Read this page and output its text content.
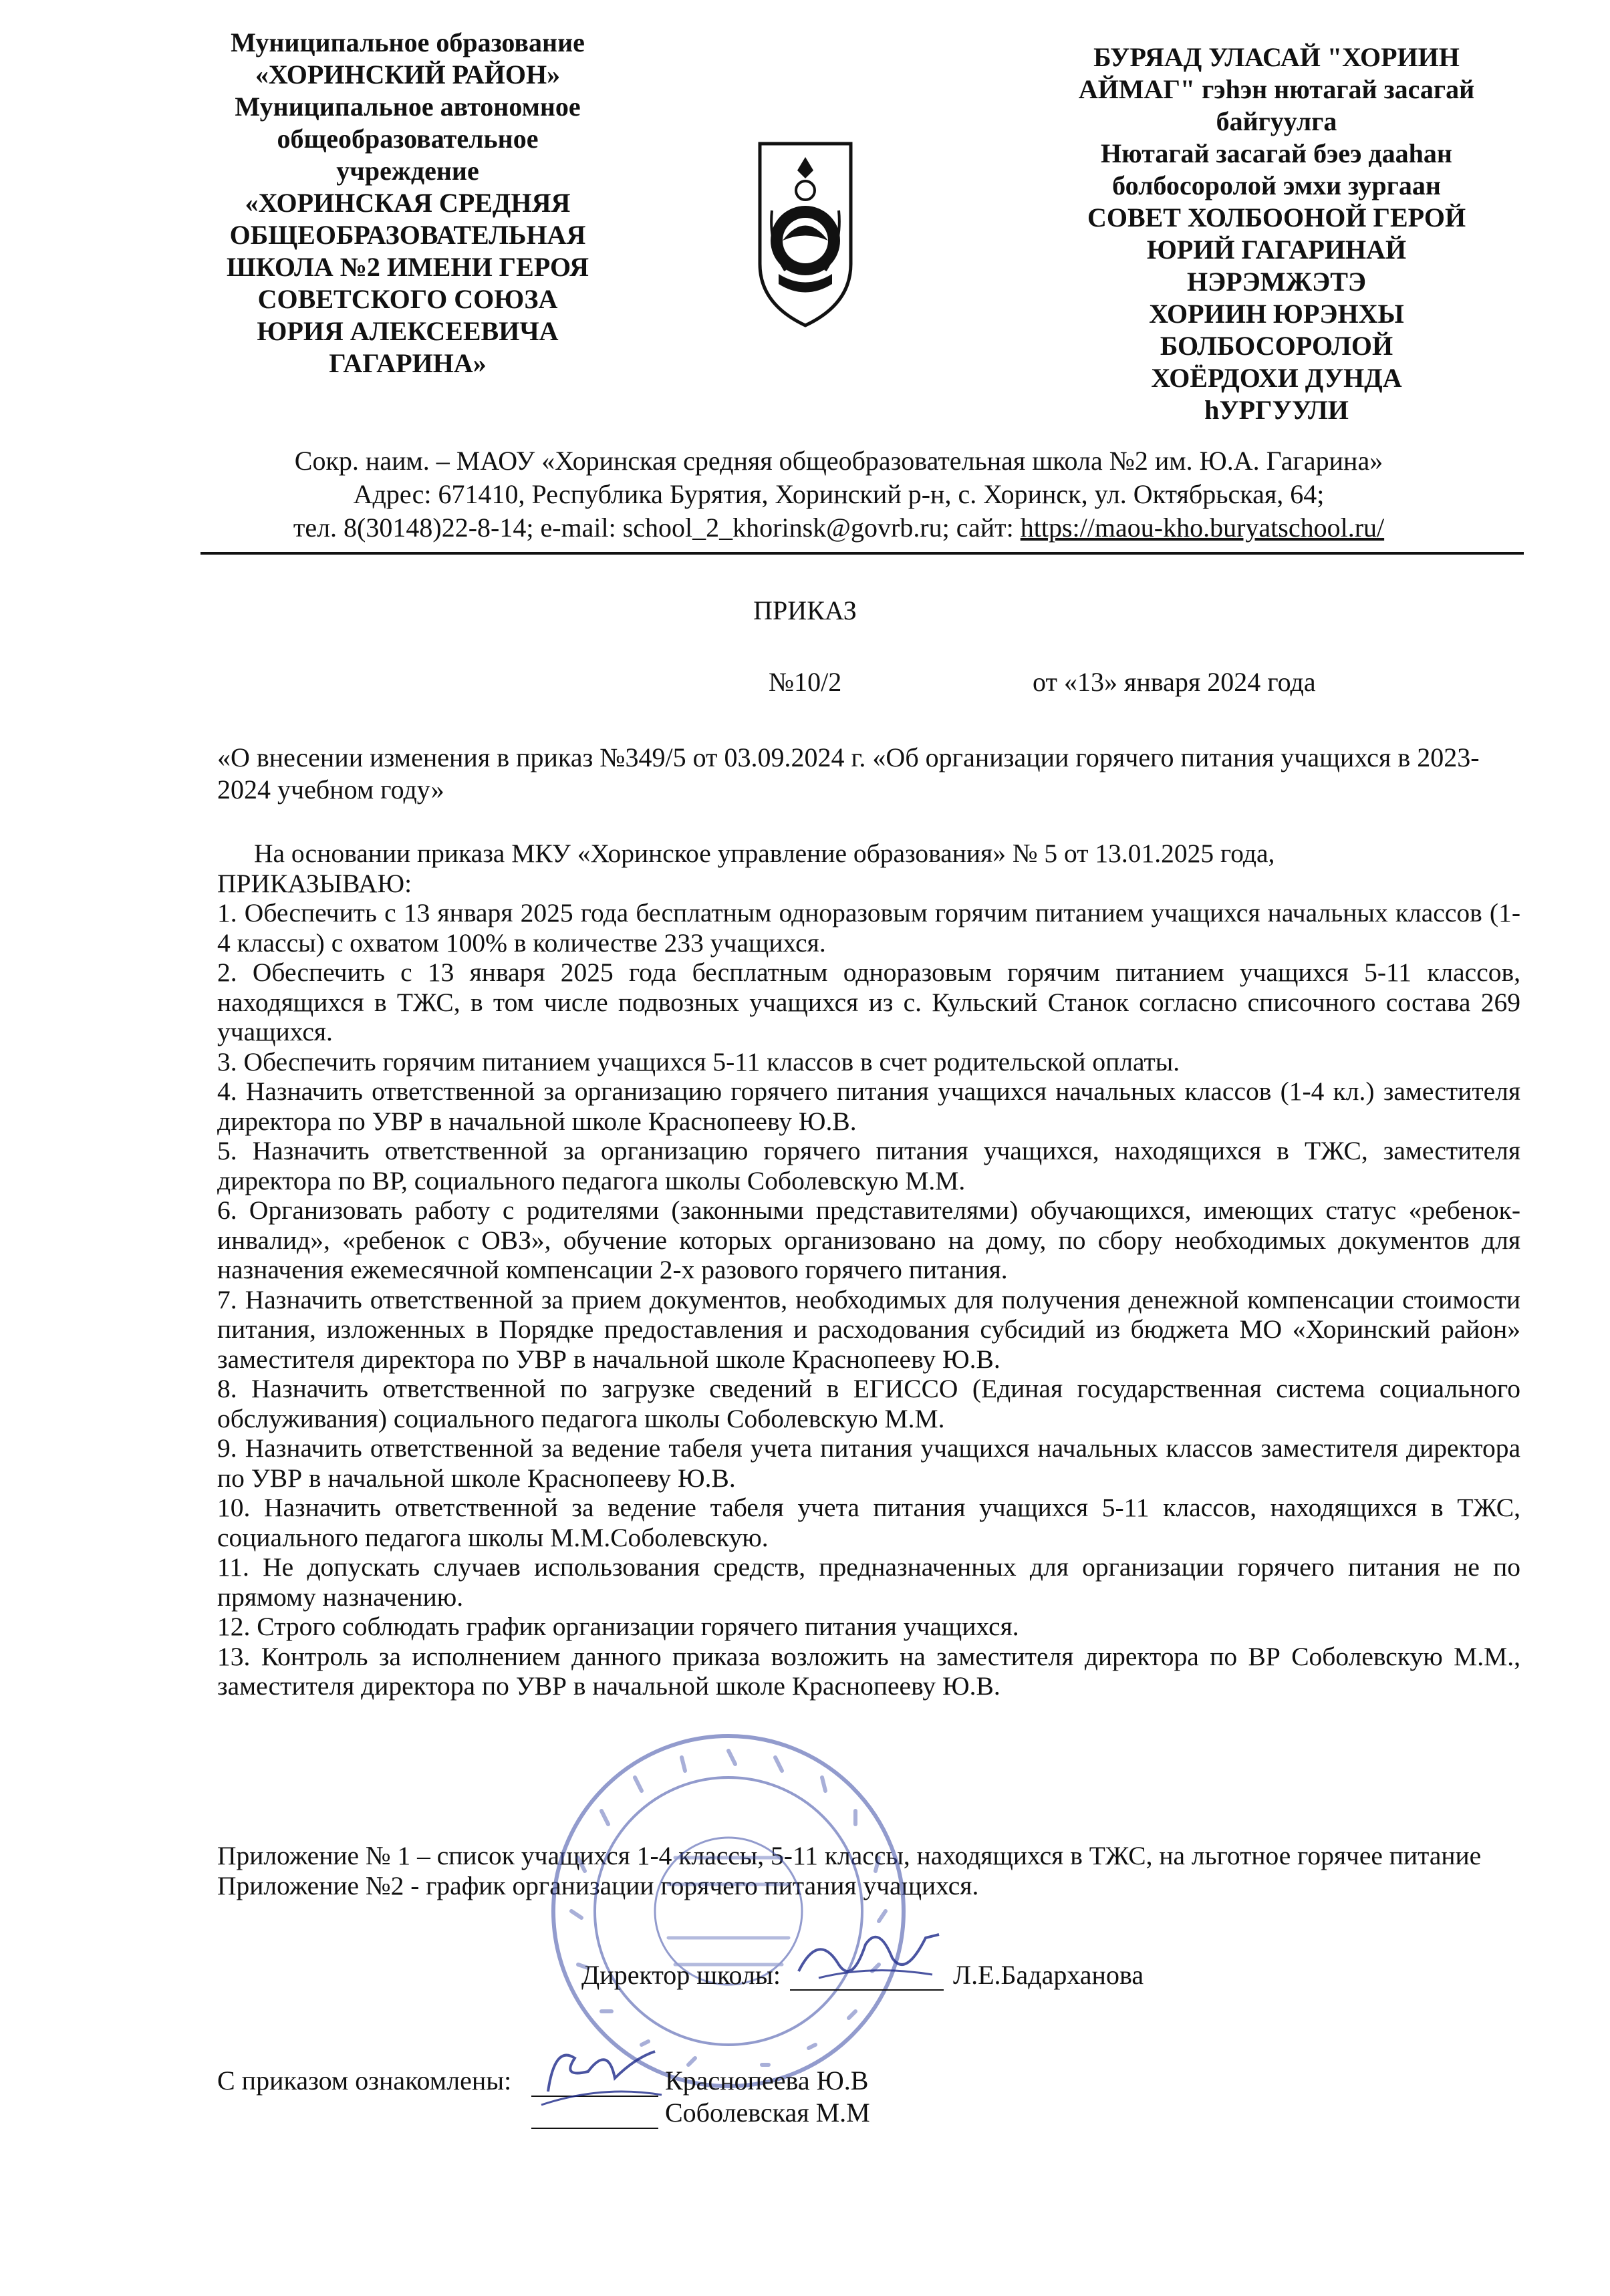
Муниципальное образование
«ХОРИНСКИЙ РАЙОН»
Муниципальное автономное
общеобразовательное
учреждение
«ХОРИНСКАЯ СРЕДНЯЯ
ОБЩЕОБРАЗОВАТЕЛЬНАЯ
ШКОЛА №2 ИМЕНИ ГЕРОЯ
СОВЕТСКОГО СОЮЗА
ЮРИЯ АЛЕКСЕЕВИЧА
ГАГАРИНА»
БУРЯАД УЛАСАЙ "ХОРИИН
АЙМАГ" гэһэн нютагай засагай
байгуулга
Нютагай засагай бэеэ дааһан
болбосоролой эмхи зургаан
СОВЕТ ХОЛБООНОЙ ГЕРОЙ
ЮРИЙ ГАГАРИНАЙ
НЭРЭМЖЭТЭ
ХОРИИН ЮРЭНХЫ
БОЛБОСОРОЛОЙ
ХОЁРДОХИ ДУНДА
һУРГУУЛИ
Сокр. наим. – МАОУ «Хоринская средняя общеобразовательная школа №2 им. Ю.А. Гагарина»
Адрес: 671410, Республика Бурятия, Хоринский р-н, с. Хоринск, ул. Октябрьская, 64;
тел. 8(30148)22-8-14; e-mail: school_2_khorinsk@govrb.ru; сайт: https://maou-kho.buryatschool.ru/
ПРИКАЗ
№10/2	от «13» января 2024 года
«О внесении изменения в приказ №349/5 от 03.09.2024 г. «Об организации горячего питания учащихся в 2023-2024 учебном году»

На основании приказа МКУ «Хоринское управление образования» № 5 от 13.01.2025 года,

ПРИКАЗЫВАЮ:

1. Обеспечить с 13 января 2025 года бесплатным одноразовым горячим питанием учащихся начальных классов (1-4 классы) с охватом 100% в количестве 233 учащихся.

2. Обеспечить с 13 января 2025 года бесплатным одноразовым горячим питанием учащихся 5-11 классов, находящихся в ТЖС, в том числе подвозных учащихся из с. Кульский Станок согласно списочного состава 269 учащихся.

3. Обеспечить горячим питанием учащихся 5-11 классов в счет родительской оплаты.

4. Назначить ответственной за организацию горячего питания учащихся начальных классов (1-4 кл.) заместителя директора по УВР в начальной школе Краснопееву Ю.В.

5. Назначить ответственной за организацию горячего питания учащихся, находящихся в ТЖС, заместителя директора по ВР, социального педагога школы Соболевскую М.М.

6. Организовать работу с родителями (законными представителями) обучающихся, имеющих статус «ребенок-инвалид», «ребенок с ОВЗ», обучение которых организовано на дому, по сбору необходимых документов для назначения ежемесячной компенсации 2-х разового горячего питания.

7. Назначить ответственной за прием документов, необходимых для получения денежной компенсации стоимости питания, изложенных в Порядке предоставления и расходования субсидий из бюджета МО «Хоринский район» заместителя директора по УВР в начальной школе Краснопееву Ю.В.

8. Назначить ответственной по загрузке сведений в ЕГИССО (Единая государственная система социального обслуживания) социального педагога школы Соболевскую М.М.

9. Назначить ответственной за ведение табеля учета питания учащихся начальных классов заместителя директора по УВР в начальной школе Краснопееву Ю.В.

10. Назначить ответственной за ведение табеля учета питания учащихся 5-11 классов, находящихся в ТЖС, социального педагога школы М.М.Соболевскую.

11. Не допускать случаев использования средств, предназначенных для организации горячего питания не по прямому назначению.

12. Строго соблюдать график организации горячего питания учащихся.

13. Контроль за исполнением данного приказа возложить на заместителя директора по ВР Соболевскую М.М., заместителя директора по УВР в начальной школе Краснопееву Ю.В.

Приложение № 1 – список учащихся 1-4 классы, 5-11 классы, находящихся в ТЖС, на льготное горячее питание

Приложение №2 - график организации горячего питания учащихся.

Директор школы:	Л.Е.Бадарханова
С приказом ознакомлены:	Краснопеева Ю.В
Соболевская М.М
